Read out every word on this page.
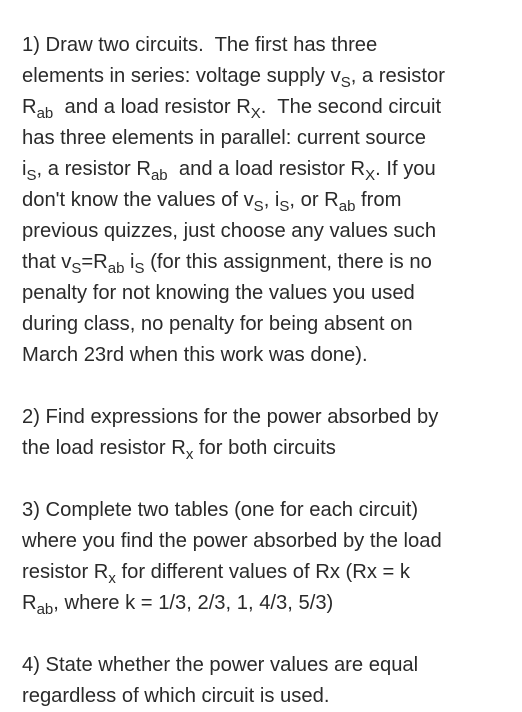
1) Draw two circuits.  The first has three
elements in series: voltage supply $v_S$, a resistor
$R_{ab}$  and a load resistor $R_X$.  The second circuit
has three elements in parallel: current source
$i_S$, a resistor $R_{ab}$  and a load resistor $R_X$. If you
don't know the values of $v_S$, $i_S$, or $R_{ab}$ from
previous quizzes, just choose any values such
that $v_S=R_{ab}$ $i_S$ (for this assignment, there is no
penalty for not knowing the values you used
during class, no penalty for being absent on
March 23rd when this work was done).
2) Find expressions for the power absorbed by
the load resistor $R_x$ for both circuits
3) Complete two tables (one for each circuit)
where you find the power absorbed by the load
resistor $R_x$ for different values of Rx (Rx = k
$R_{ab}$, where k = 1/3, 2/3, 1, 4/3, 5/3)
4) State whether the power values are equal
regardless of which circuit is used.
